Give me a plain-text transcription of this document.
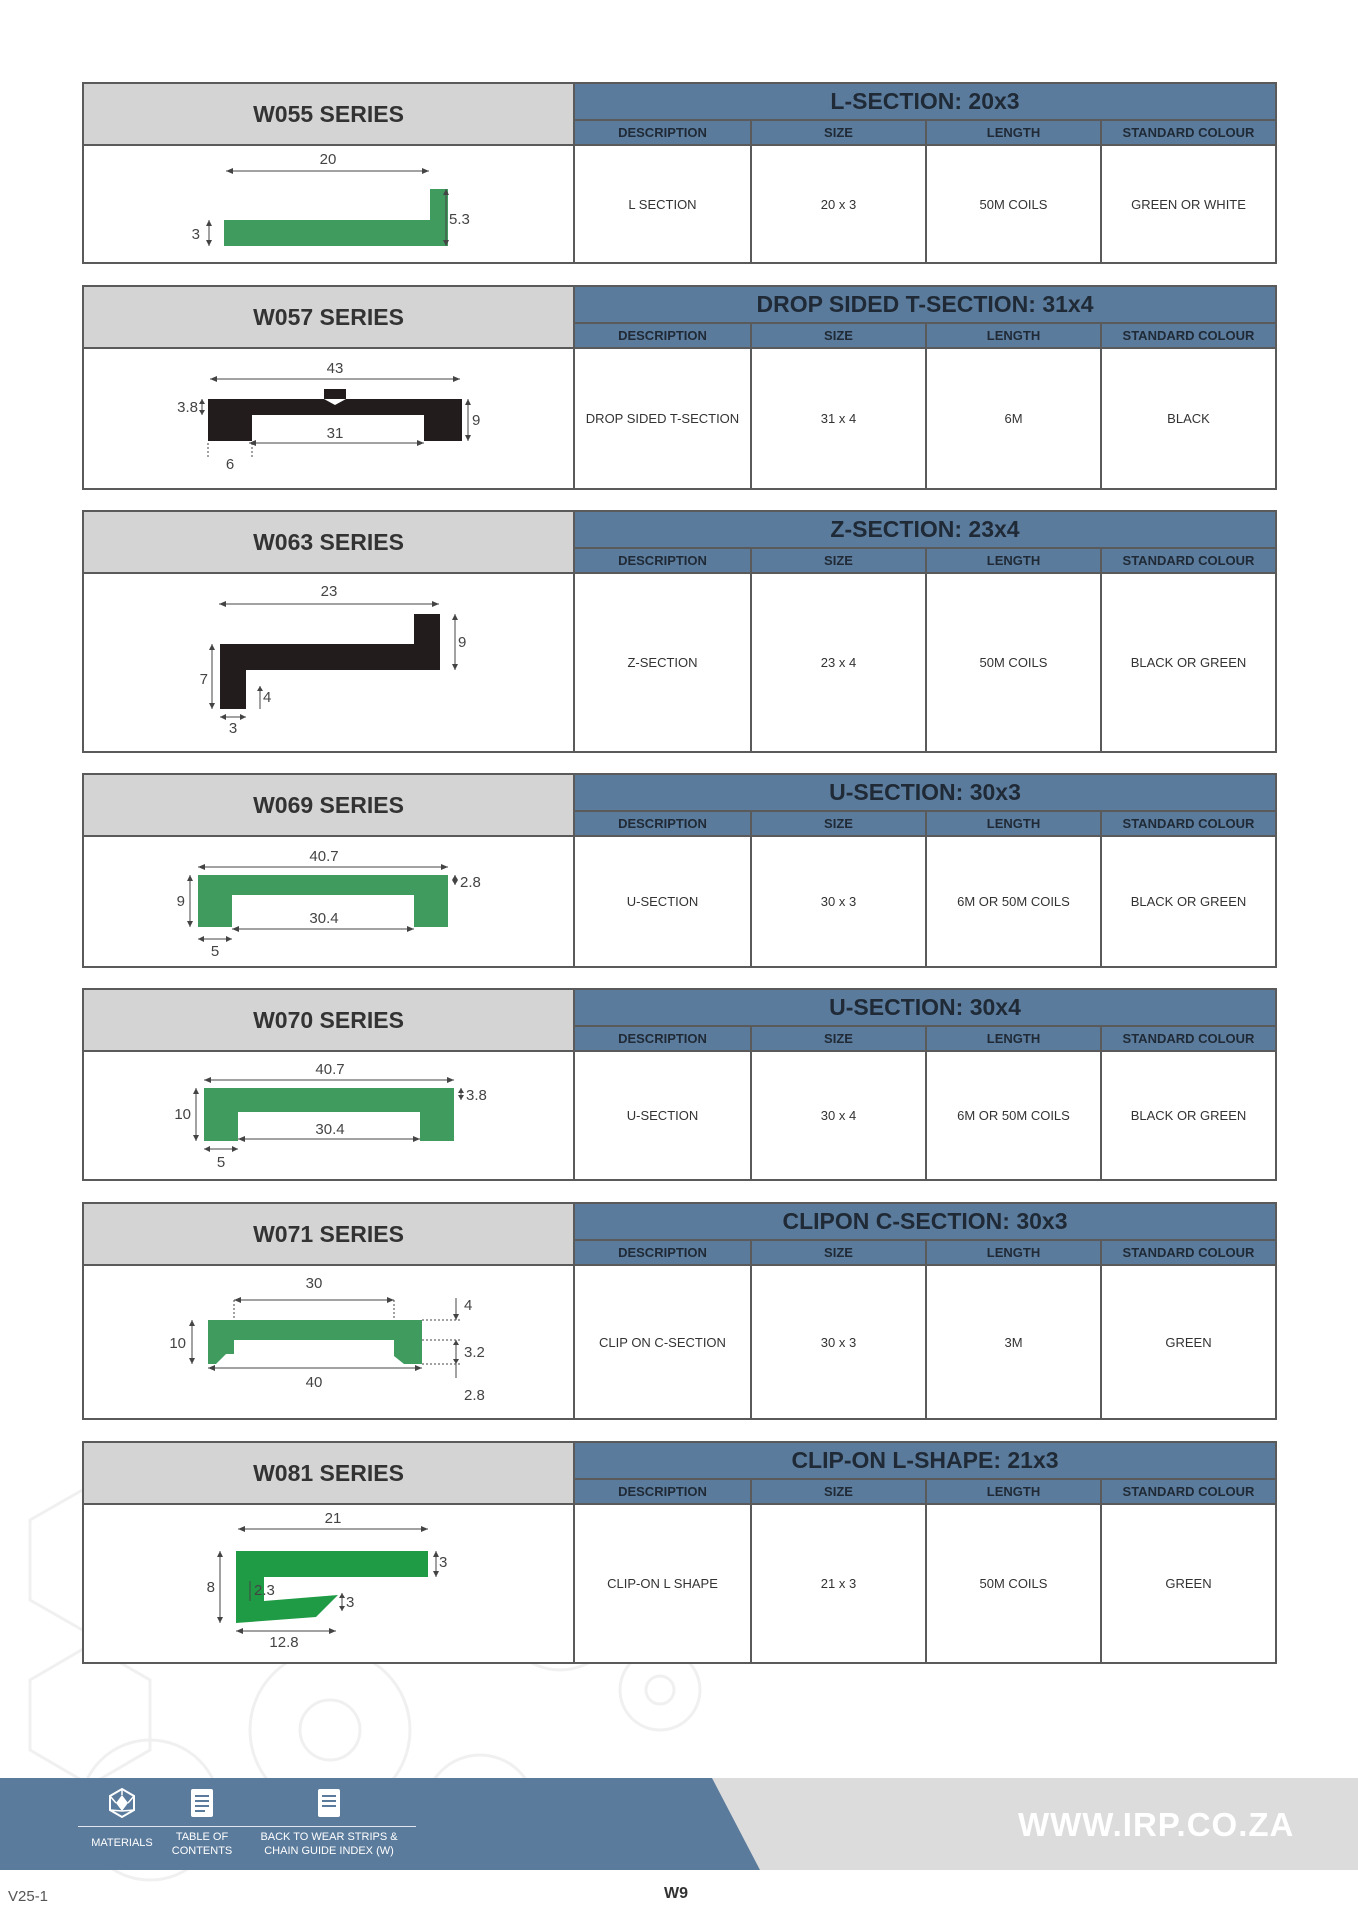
W055 SERIES	L-SECTION: 20x3
DESCRIPTION	SIZE	LENGTH	STANDARD COLOUR
20
3
5.3
L SECTION	20 x 3	50M COILS	GREEN OR WHITE
W057 SERIES	DROP SIDED T-SECTION: 31x4
DESCRIPTION	SIZE	LENGTH	STANDARD COLOUR
43
3.8
9
31
6
DROP SIDED T-SECTION	31 x 4	6M	BLACK
W063 SERIES	Z-SECTION: 23x4
DESCRIPTION	SIZE	LENGTH	STANDARD COLOUR
23
9
7
4
3
Z-SECTION	23 x 4	50M COILS	BLACK OR GREEN
W069 SERIES	U-SECTION: 30x3
DESCRIPTION	SIZE	LENGTH	STANDARD COLOUR
40.7
9
2.8
30.4
5
U-SECTION	30 x 3	6M OR 50M COILS	BLACK OR GREEN
W070 SERIES	U-SECTION: 30x4
DESCRIPTION	SIZE	LENGTH	STANDARD COLOUR
40.7
10
3.8
30.4
5
U-SECTION	30 x 4	6M OR 50M COILS	BLACK OR GREEN
W071 SERIES	CLIPON C-SECTION: 30x3
DESCRIPTION	SIZE	LENGTH	STANDARD COLOUR
30
10
4
3.2
2.8
40
CLIP ON C-SECTION	30 x 3	3M	GREEN
W081 SERIES	CLIP-ON L-SHAPE: 21x3
DESCRIPTION	SIZE	LENGTH	STANDARD COLOUR
21
3
8	2.3
3
12.8
CLIP-ON L SHAPE	21 x 3	50M COILS	GREEN
MATERIALS TABLE OF
CONTENTS
BACK TO WEAR STRIPS &
CHAIN GUIDE INDEX (W)
WWW.IRP.CO.ZA
V25-1	W9
